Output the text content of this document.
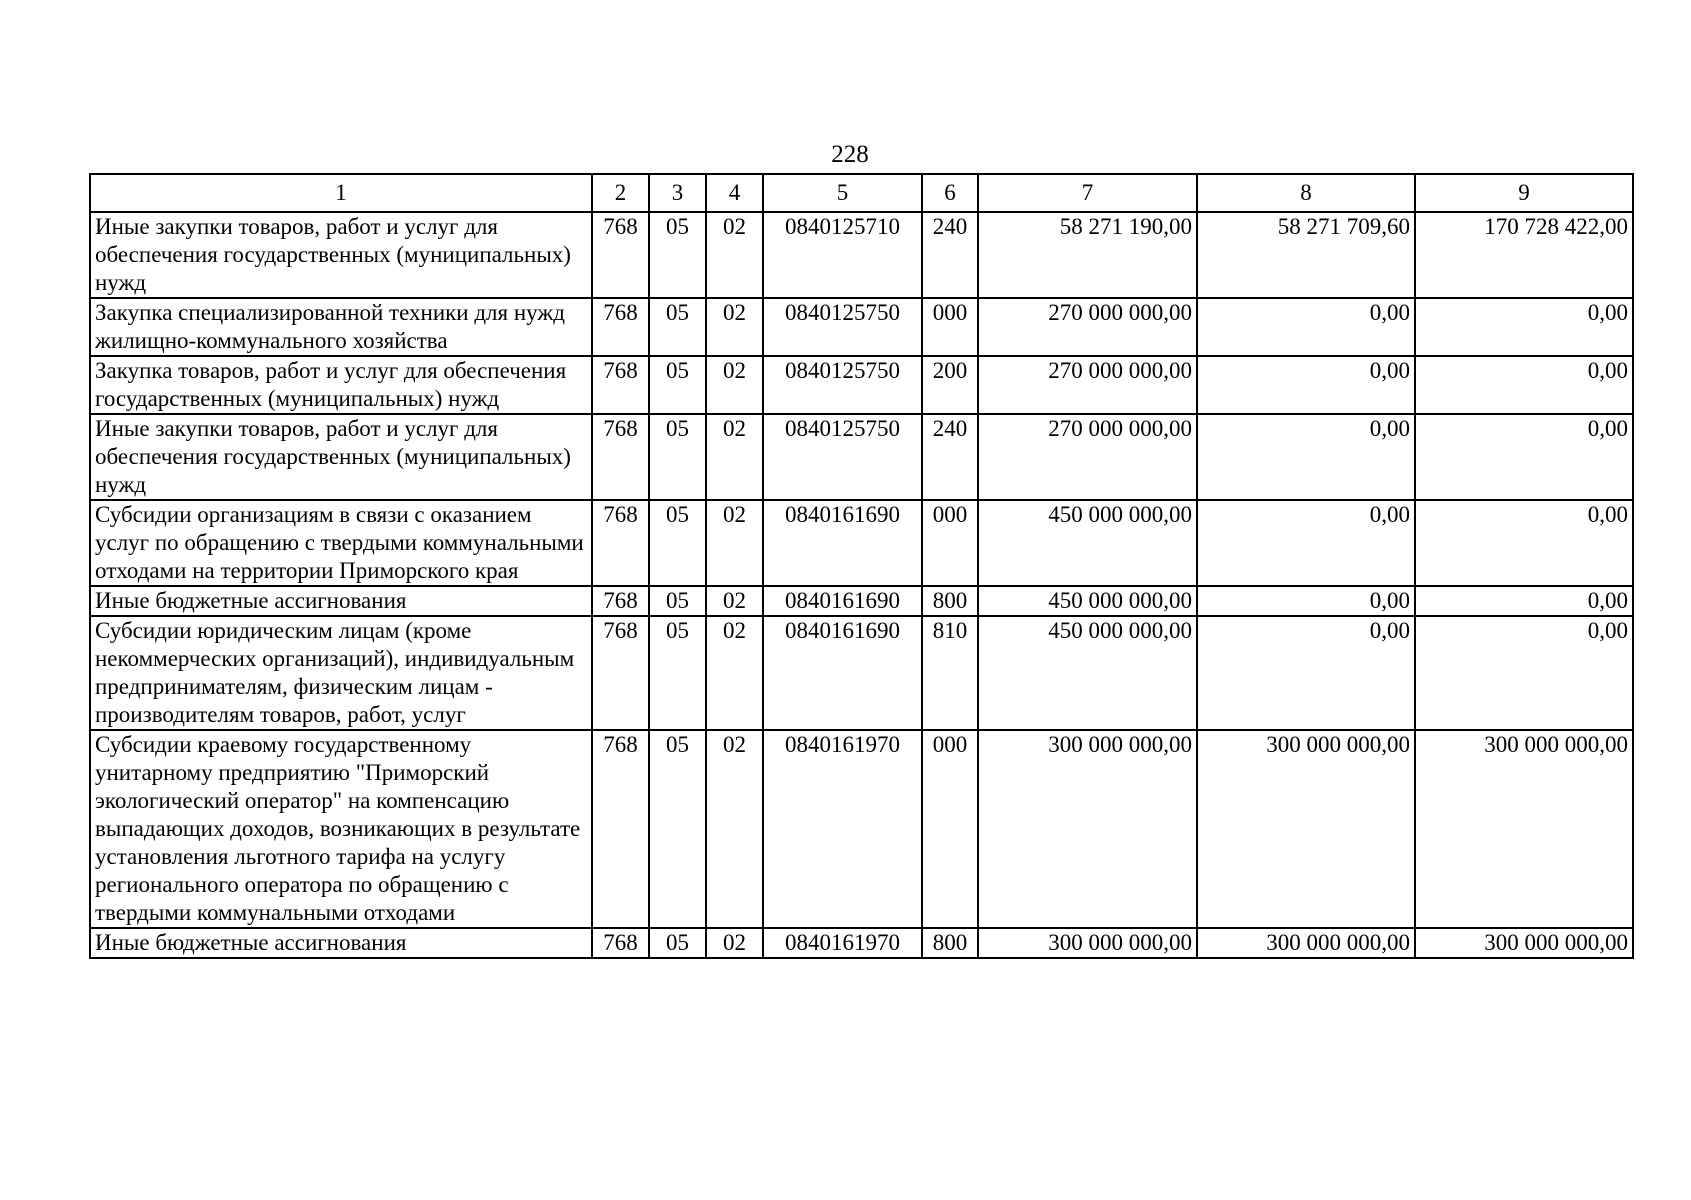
228
1	2	3	4	5	6	7	8	9
Иные закупки товаров, работ и услуг для обеспечения государственных (муниципальных) нужд	768	05	02	0840125710	240	58 271 190,00	58 271 709,60	170 728 422,00
Закупка специализированной техники для нужд жилищно-коммунального хозяйства	768	05	02	0840125750	000	270 000 000,00	0,00	0,00
Закупка товаров, работ и услуг для обеспечения государственных (муниципальных) нужд	768	05	02	0840125750	200	270 000 000,00	0,00	0,00
Иные закупки товаров, работ и услуг для обеспечения государственных (муниципальных) нужд	768	05	02	0840125750	240	270 000 000,00	0,00	0,00
Субсидии организациям в связи с оказанием услуг по обращению с твердыми коммунальными отходами на территории Приморского края	768	05	02	0840161690	000	450 000 000,00	0,00	0,00
Иные бюджетные ассигнования	768	05	02	0840161690	800	450 000 000,00	0,00	0,00
Субсидии юридическим лицам (кроме некоммерческих организаций), индивидуальным предпринимателям, физическим лицам - производителям товаров, работ, услуг	768	05	02	0840161690	810	450 000 000,00	0,00	0,00
Субсидии краевому государственному унитарному предприятию "Приморский экологический оператор" на компенсацию выпадающих доходов, возникающих в результате установления льготного тарифа на услугу регионального оператора по обращению с твердыми коммунальными отходами	768	05	02	0840161970	000	300 000 000,00	300 000 000,00	300 000 000,00
Иные бюджетные ассигнования	768	05	02	0840161970	800	300 000 000,00	300 000 000,00	300 000 000,00
